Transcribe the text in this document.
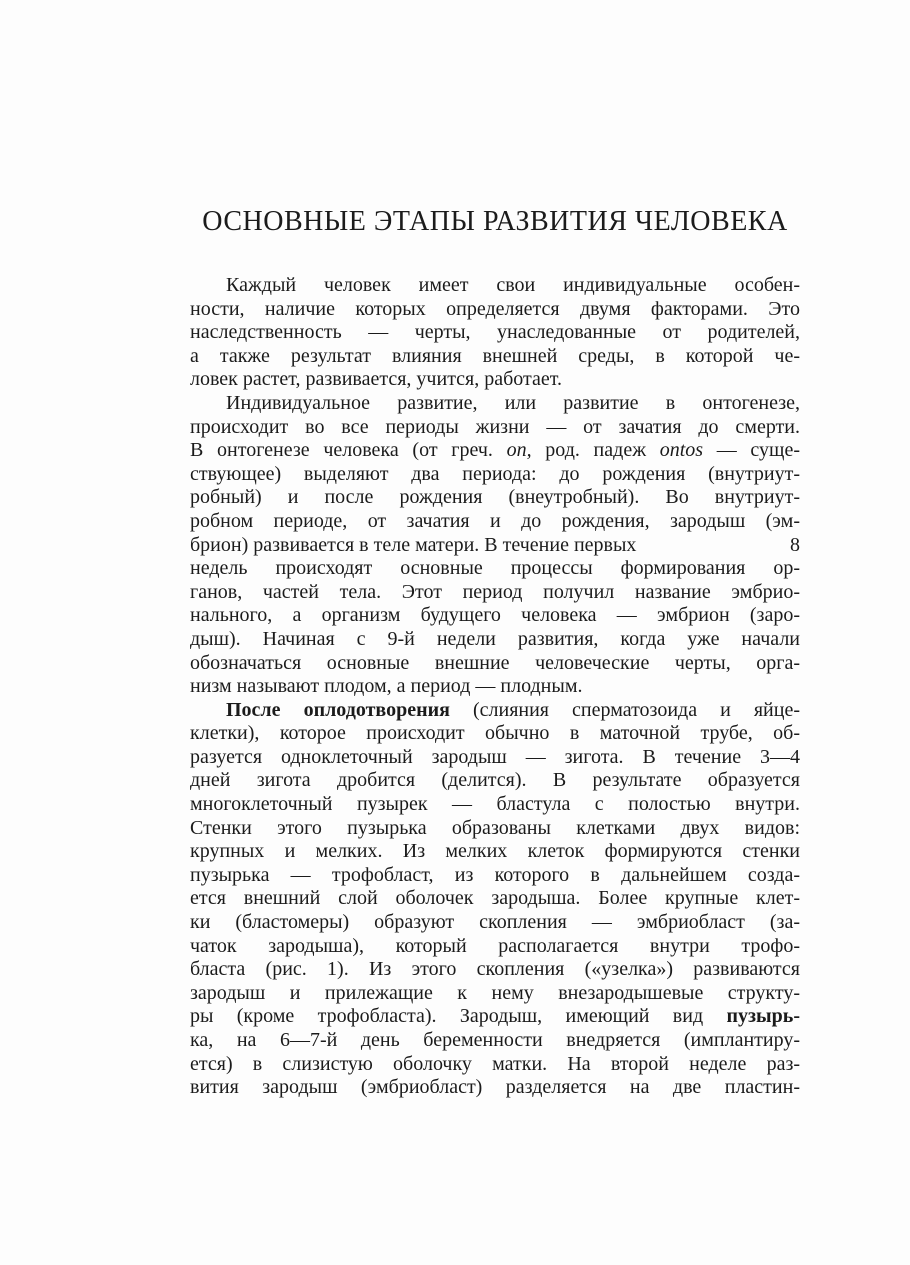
ОСНОВНЫЕ ЭТАПЫ РАЗВИТИЯ ЧЕЛОВЕКА
Каждый человек имеет свои индивидуальные особен-
ности, наличие которых определяется двумя факторами. Это
наследственность — черты, унаследованные от родителей,
а также результат влияния внешней среды, в которой че-
ловек растет, развивается, учится, работает.
Индивидуальное развитие, или развитие в онтогенезе,
происходит во все периоды жизни — от зачатия до смерти.
В онтогенезе человека (от греч. on, род. падеж ontos — суще-
ствующее) выделяют два периода: до рождения (внутриут-
робный) и после рождения (внеутробный). Во внутриут-
робном периоде, от зачатия и до рождения, зародыш (эм-
8
брион) развивается в теле матери. В течение первых
недель происходят основные процессы формирования ор-
ганов, частей тела. Этот период получил название эмбрио-
нального, а организм будущего человека — эмбрион (заро-
дыш). Начиная с 9-й недели развития, когда уже начали
обозначаться основные внешние человеческие черты, орга-
низм называют плодом, а период — плодным.
После оплодотворения (слияния сперматозоида и яйце-
клетки), которое происходит обычно в маточной трубе, об-
разуется одноклеточный зародыш — зигота. В течение 3—4
дней зигота дробится (делится). В результате образуется
многоклеточный пузырек — бластула с полостью внутри.
Стенки этого пузырька образованы клетками двух видов:
крупных и мелких. Из мелких клеток формируются стенки
пузырька — трофобласт, из которого в дальнейшем созда-
ется внешний слой оболочек зародыша. Более крупные клет-
ки (бластомеры) образуют скопления — эмбриобласт (за-
чаток зародыша), который располагается внутри трофо-
бласта (рис. 1). Из этого скопления («узелка») развиваются
зародыш и прилежащие к нему внезародышевые структу-
ры (кроме трофобласта). Зародыш, имеющий вид пузырь-
ка, на 6—7-й день беременности внедряется (имплантиру-
ется) в слизистую оболочку матки. На второй неделе раз-
вития зародыш (эмбриобласт) разделяется на две пластин-
